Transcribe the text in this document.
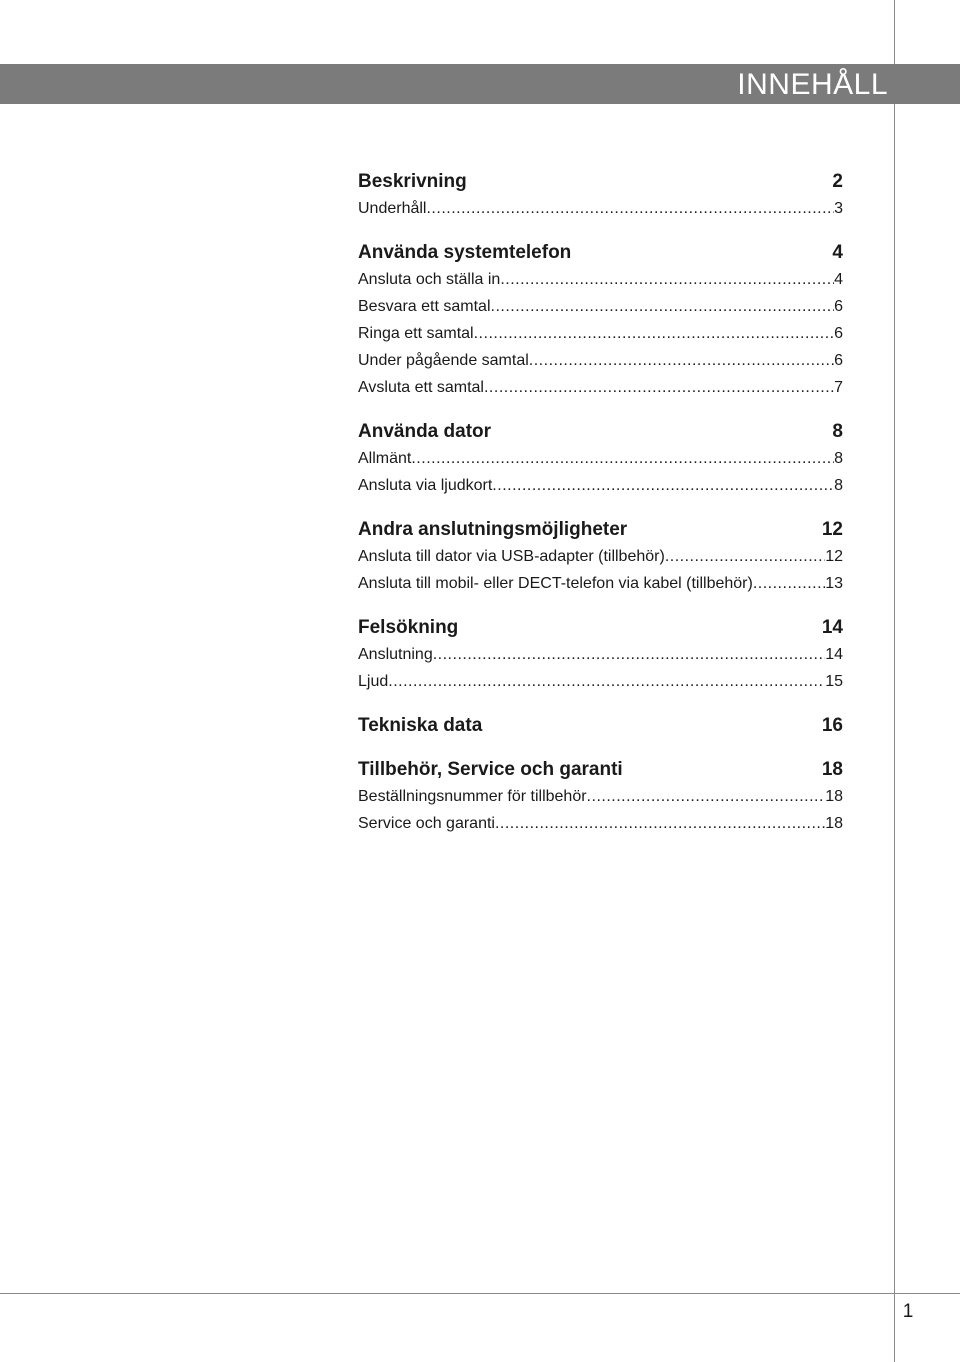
INNEHÅLL
Beskrivning	2
Underhåll .....	3
Använda systemtelefon	4
Ansluta och ställa in .....	4
Besvara ett samtal .....	6
Ringa ett samtal .....	6
Under pågående samtal .....	6
Avsluta ett samtal .....	7
Använda dator	8
Allmänt .....	8
Ansluta via ljudkort .....	8
Andra anslutningsmöjligheter	12
Ansluta till dator via USB-adapter (tillbehör) .....	12
Ansluta till mobil- eller DECT-telefon via kabel (tillbehör) .....	13
Felsökning	14
Anslutning .....	14
Ljud .....	15
Tekniska data	16
Tillbehör, Service och garanti	18
Beställningsnummer för tillbehör .....	18
Service och garanti .....	18
1
